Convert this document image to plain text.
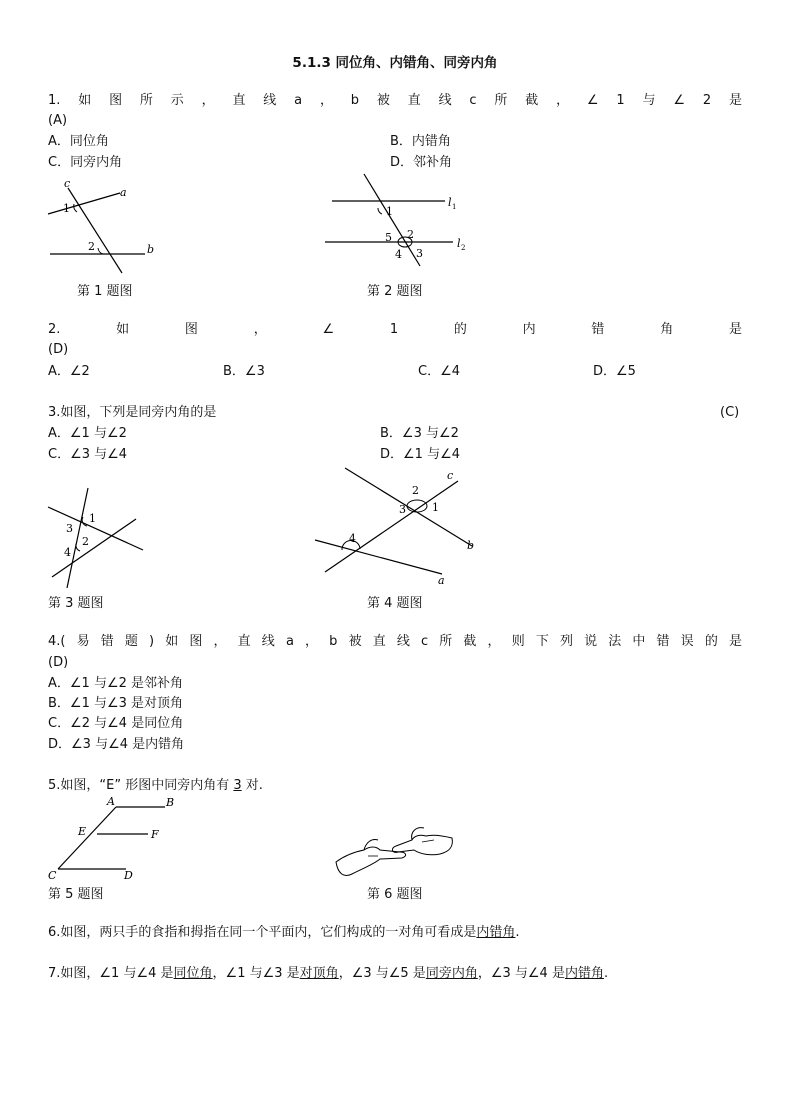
5.1.3 同位角、内错角、同旁内角
1. 如 图 所 示 ， 直 线 a ， b 被 直 线 c 所 截 ， ∠ 1 与 ∠ 2 是
(A)
A．同位角	B．内错角
C．同旁内角	D．邻补角
c
a
b
1
2
第 1 题图
1
2
5
4 3
l 1
l 2
第 2 题图
2.	如	图	，	∠	1	的	内	错	角	是
(D)
A．∠2	B．∠3	C．∠4	D．∠5
3.如图，下列是同旁内角的是	(C)
A．∠1 与∠2	B．∠3 与∠2
C．∠3 与∠4	D．∠1 与∠4
1
3
2
4
第 3 题图
2
3 1
4
c
b
a
第 4 题图
4.( 易 错 题 ) 如 图 ， 直 线 a ， b 被 直 线 c 所 截 ， 则 下 列 说 法 中 错 误 的 是
(D)
A．∠1 与∠2 是邻补角
B．∠1 与∠3 是对顶角
C．∠2 与∠4 是同位角
D．∠3 与∠4 是内错角
5.如图，“E” 形图中同旁内角有 3 对.
A	B
E	F
C	D
第 5 题图	第 6 题图
6.如图，两只手的食指和拇指在同一个平面内，它们构成的一对角可看成是内错角.
7.如图，∠1 与∠4 是同位角，∠1 与∠3 是对顶角，∠3 与∠5 是同旁内角，∠3 与∠4 是内错角.
